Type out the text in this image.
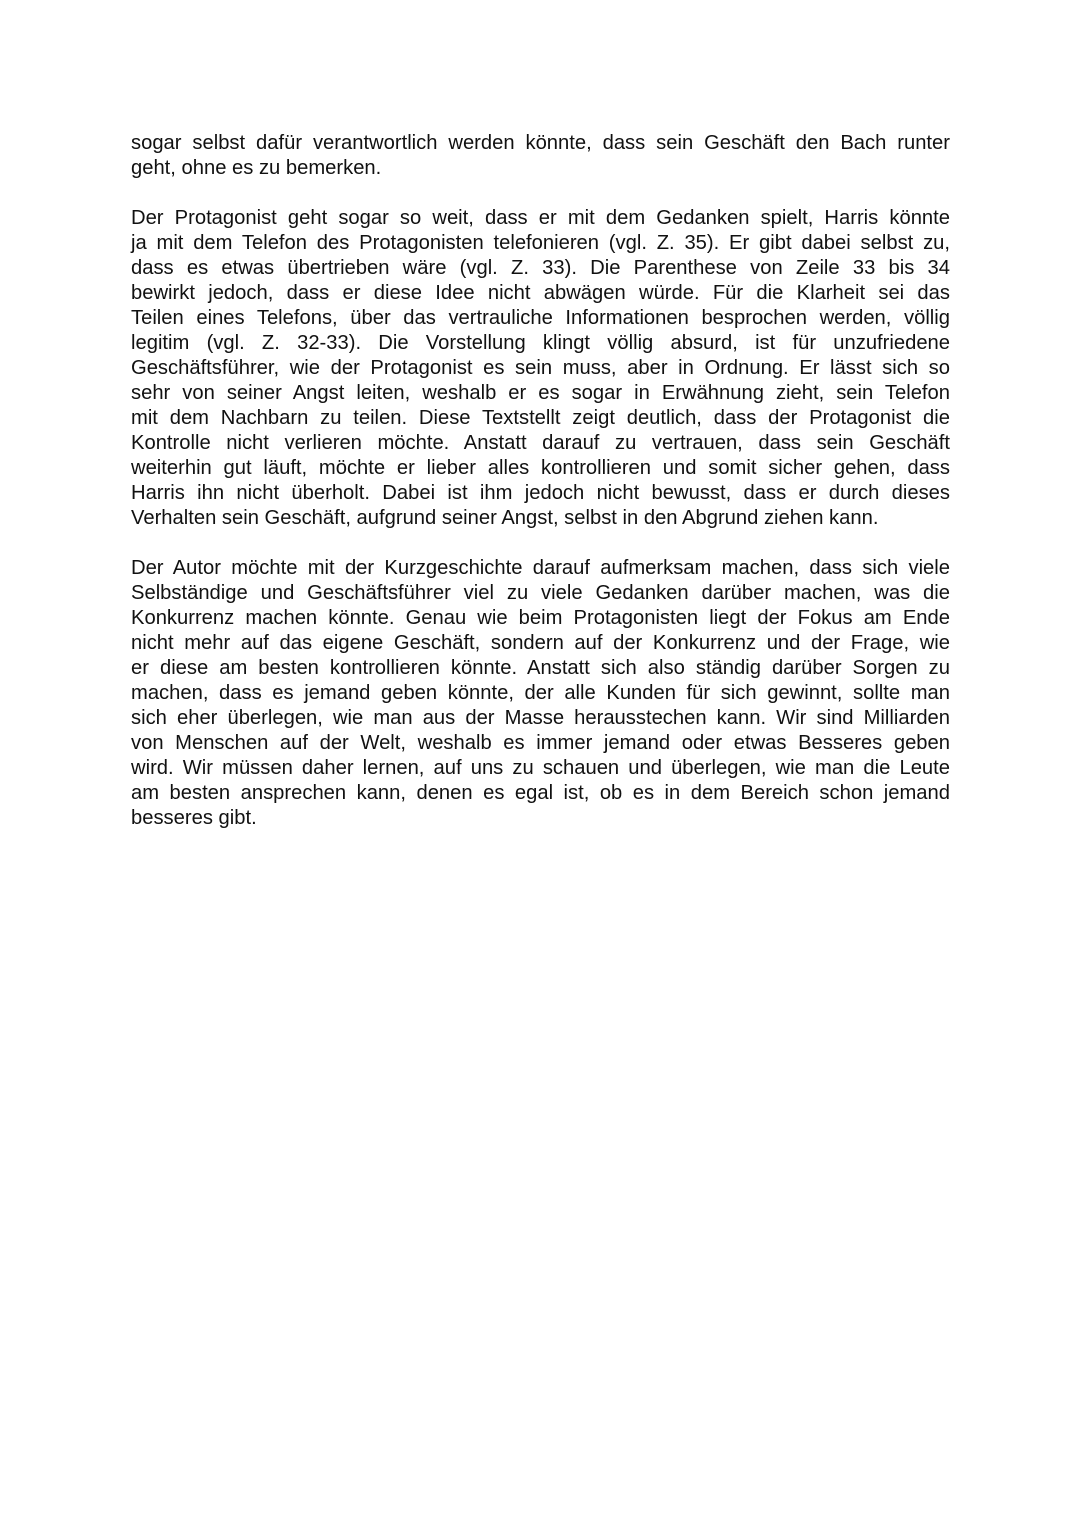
sogar selbst dafür verantwortlich werden könnte, dass sein Geschäft den Bach runter
geht, ohne es zu bemerken.

Der Protagonist geht sogar so weit, dass er mit dem Gedanken spielt, Harris könnte
ja mit dem Telefon des Protagonisten telefonieren (vgl. Z. 35). Er gibt dabei selbst zu,
dass es etwas übertrieben wäre (vgl. Z. 33). Die Parenthese von Zeile 33 bis 34
bewirkt jedoch, dass er diese Idee nicht abwägen würde. Für die Klarheit sei das
Teilen eines Telefons, über das vertrauliche Informationen besprochen werden, völlig
legitim (vgl. Z. 32-33). Die Vorstellung klingt völlig absurd, ist für unzufriedene
Geschäftsführer, wie der Protagonist es sein muss, aber in Ordnung. Er lässt sich so
sehr von seiner Angst leiten, weshalb er es sogar in Erwähnung zieht, sein Telefon
mit dem Nachbarn zu teilen. Diese Textstellt zeigt deutlich, dass der Protagonist die
Kontrolle nicht verlieren möchte. Anstatt darauf zu vertrauen, dass sein Geschäft
weiterhin gut läuft, möchte er lieber alles kontrollieren und somit sicher gehen, dass
Harris ihn nicht überholt. Dabei ist ihm jedoch nicht bewusst, dass er durch dieses
Verhalten sein Geschäft, aufgrund seiner Angst, selbst in den Abgrund ziehen kann.

Der Autor möchte mit der Kurzgeschichte darauf aufmerksam machen, dass sich viele
Selbständige und Geschäftsführer viel zu viele Gedanken darüber machen, was die
Konkurrenz machen könnte. Genau wie beim Protagonisten liegt der Fokus am Ende
nicht mehr auf das eigene Geschäft, sondern auf der Konkurrenz und der Frage, wie
er diese am besten kontrollieren könnte. Anstatt sich also ständig darüber Sorgen zu
machen, dass es jemand geben könnte, der alle Kunden für sich gewinnt, sollte man
sich eher überlegen, wie man aus der Masse herausstechen kann. Wir sind Milliarden
von Menschen auf der Welt, weshalb es immer jemand oder etwas Besseres geben
wird. Wir müssen daher lernen, auf uns zu schauen und überlegen, wie man die Leute
am besten ansprechen kann, denen es egal ist, ob es in dem Bereich schon jemand
besseres gibt.
